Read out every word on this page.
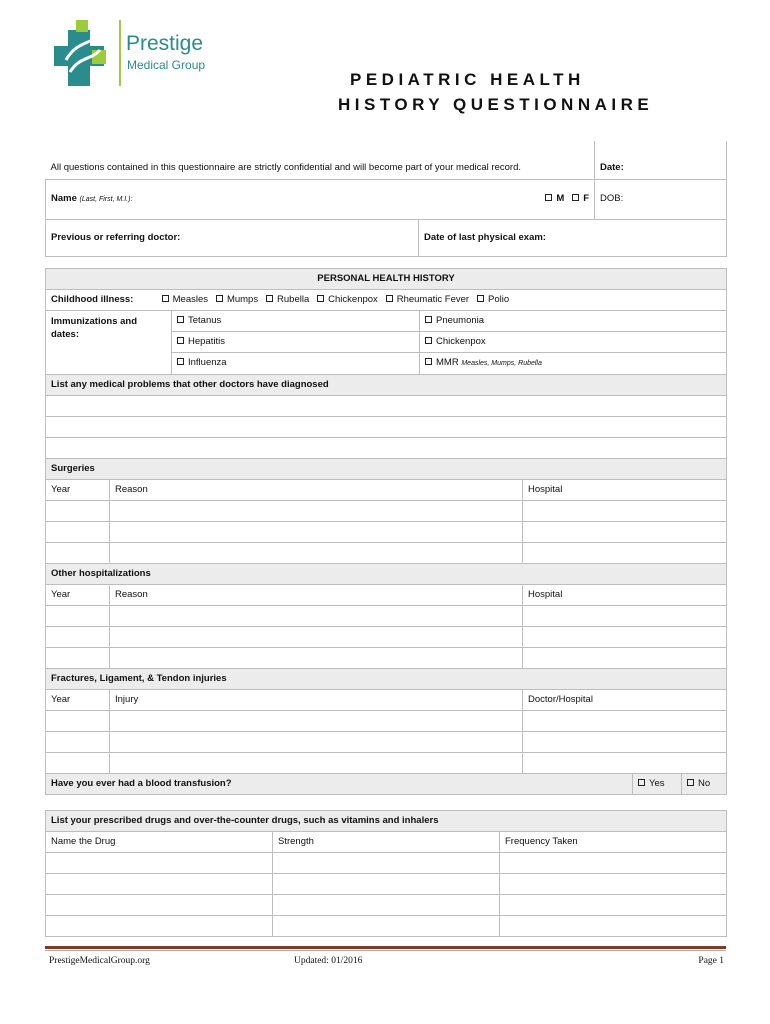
Prestige
Medical Group
PEDIATRIC HEALTH
HISTORY QUESTIONNAIRE
All questions contained in this questionnaire are strictly confidential and will become part of your medical record.		Date:
Name (Last, First, M.I.): M F		DOB:
Previous or referring doctor:	Date of last physical exam:	
PERSONAL HEALTH HISTORY						
Childhood illness: Measles Mumps Rubella Chickenpox Rheumatic Fever Polio						
Immunizations and dates:		Tetanus	Pneumonia			
		Hepatitis	Chickenpox			
		Influenza	MMR Measles, Mumps, Rubella			
List any medical problems that other doctors have diagnosed						

Surgeries						
Year	Reason			Hospital		

Other hospitalizations						
Year	Reason			Hospital		

Fractures, Ligament, & Tendon injuries						
Year	Injury			Doctor/Hospital		

Have you ever had a blood transfusion?					Yes	No
List your prescribed drugs and over-the-counter drugs, such as vitamins and inhalers		
Name the Drug	Strength	Frequency Taken

PrestigeMedicalGroup.org	Updated: 01/2016	Page 1
